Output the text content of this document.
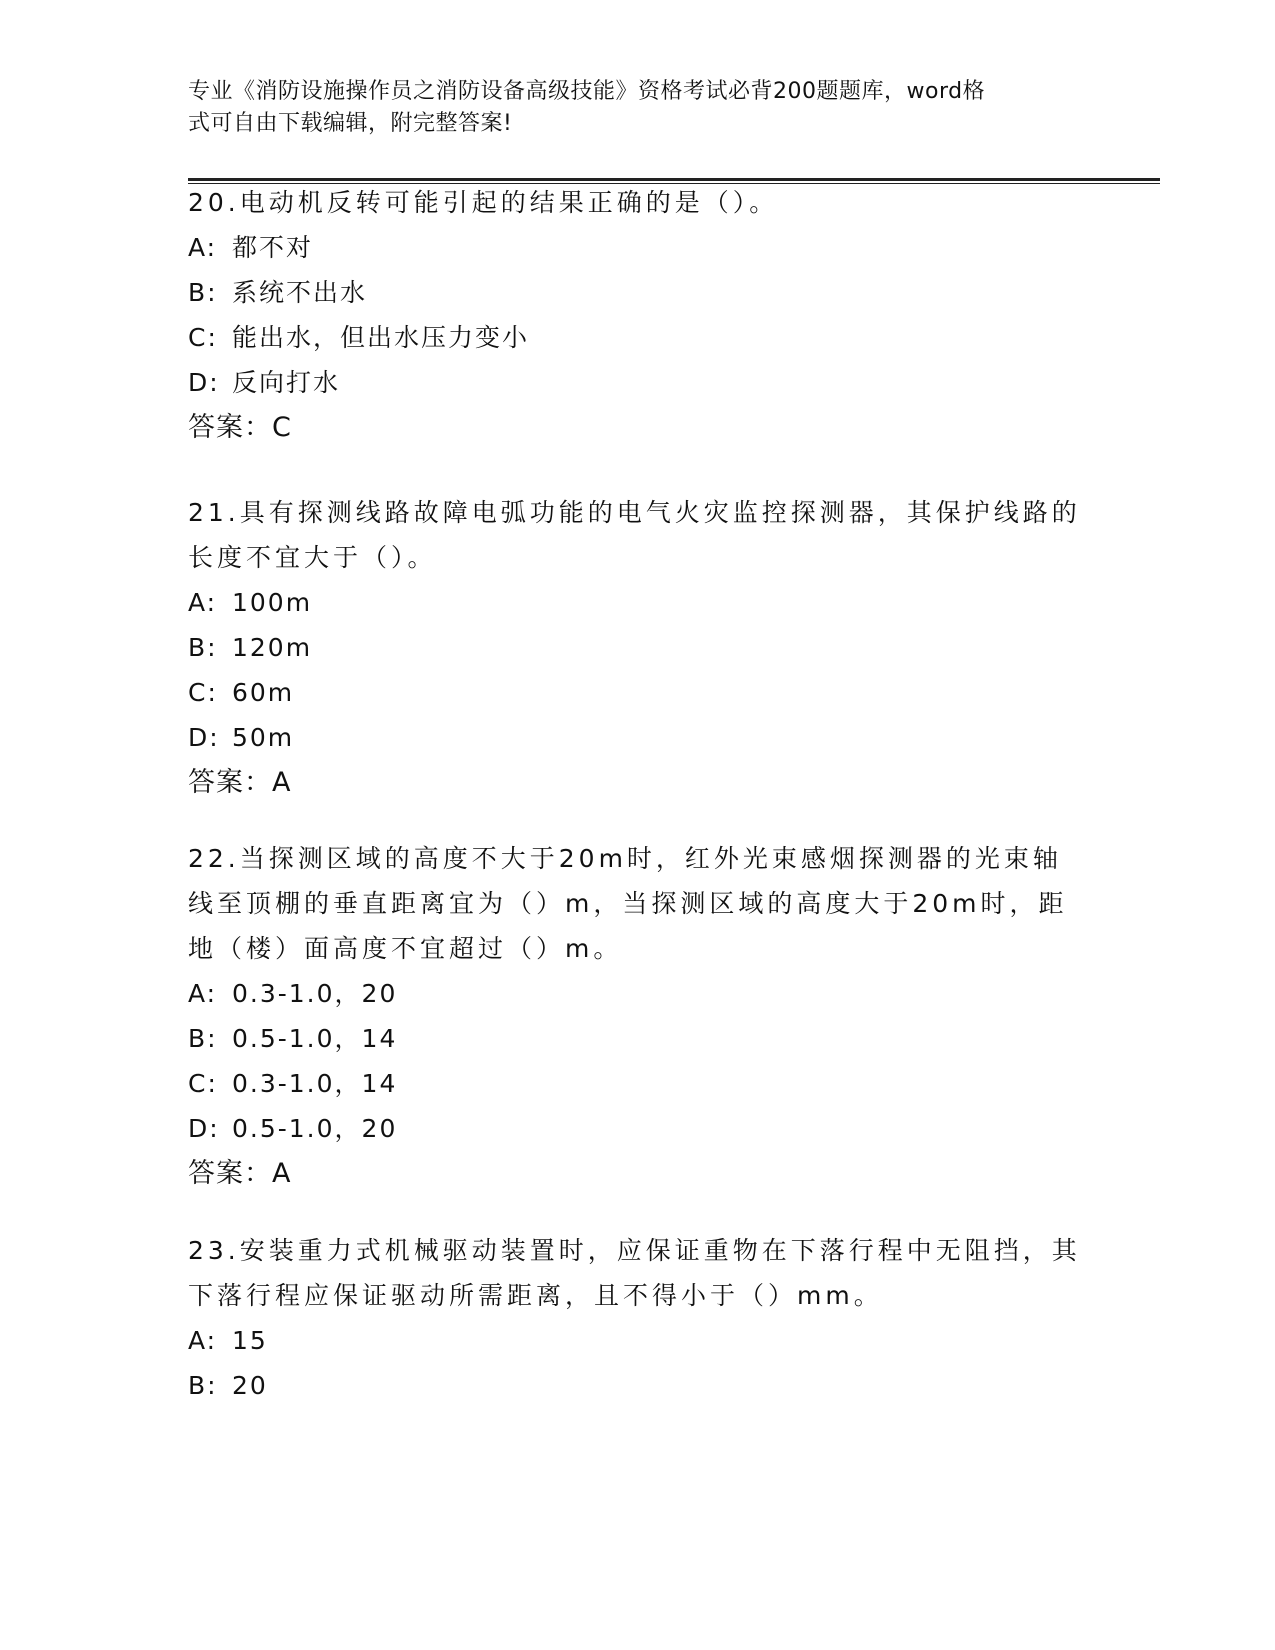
专业《消防设施操作员之消防设备高级技能》资格考试必背200题题库，word格
式可自由下载编辑，附完整答案!

20.电动机反转可能引起的结果正确的是（）。

A: 都不对

B: 系统不出水

C: 能出水，但出水压力变小

D: 反向打水

答案：C

21.具有探测线路故障电弧功能的电气火灾监控探测器，其保护线路的长度不宜大于（）。

A: 100m

B: 120m

C: 60m

D: 50m

答案：A

22.当探测区域的高度不大于20m时，红外光束感烟探测器的光束轴线至顶棚的垂直距离宜为（）m，当探测区域的高度大于20m时，距地（楼）面高度不宜超过（）m。

A: 0.3-1.0，20

B: 0.5-1.0，14

C: 0.3-1.0，14

D: 0.5-1.0，20

答案：A

23.安装重力式机械驱动装置时，应保证重物在下落行程中无阻挡，其下落行程应保证驱动所需距离，且不得小于（）mm。

A: 15

B: 20
